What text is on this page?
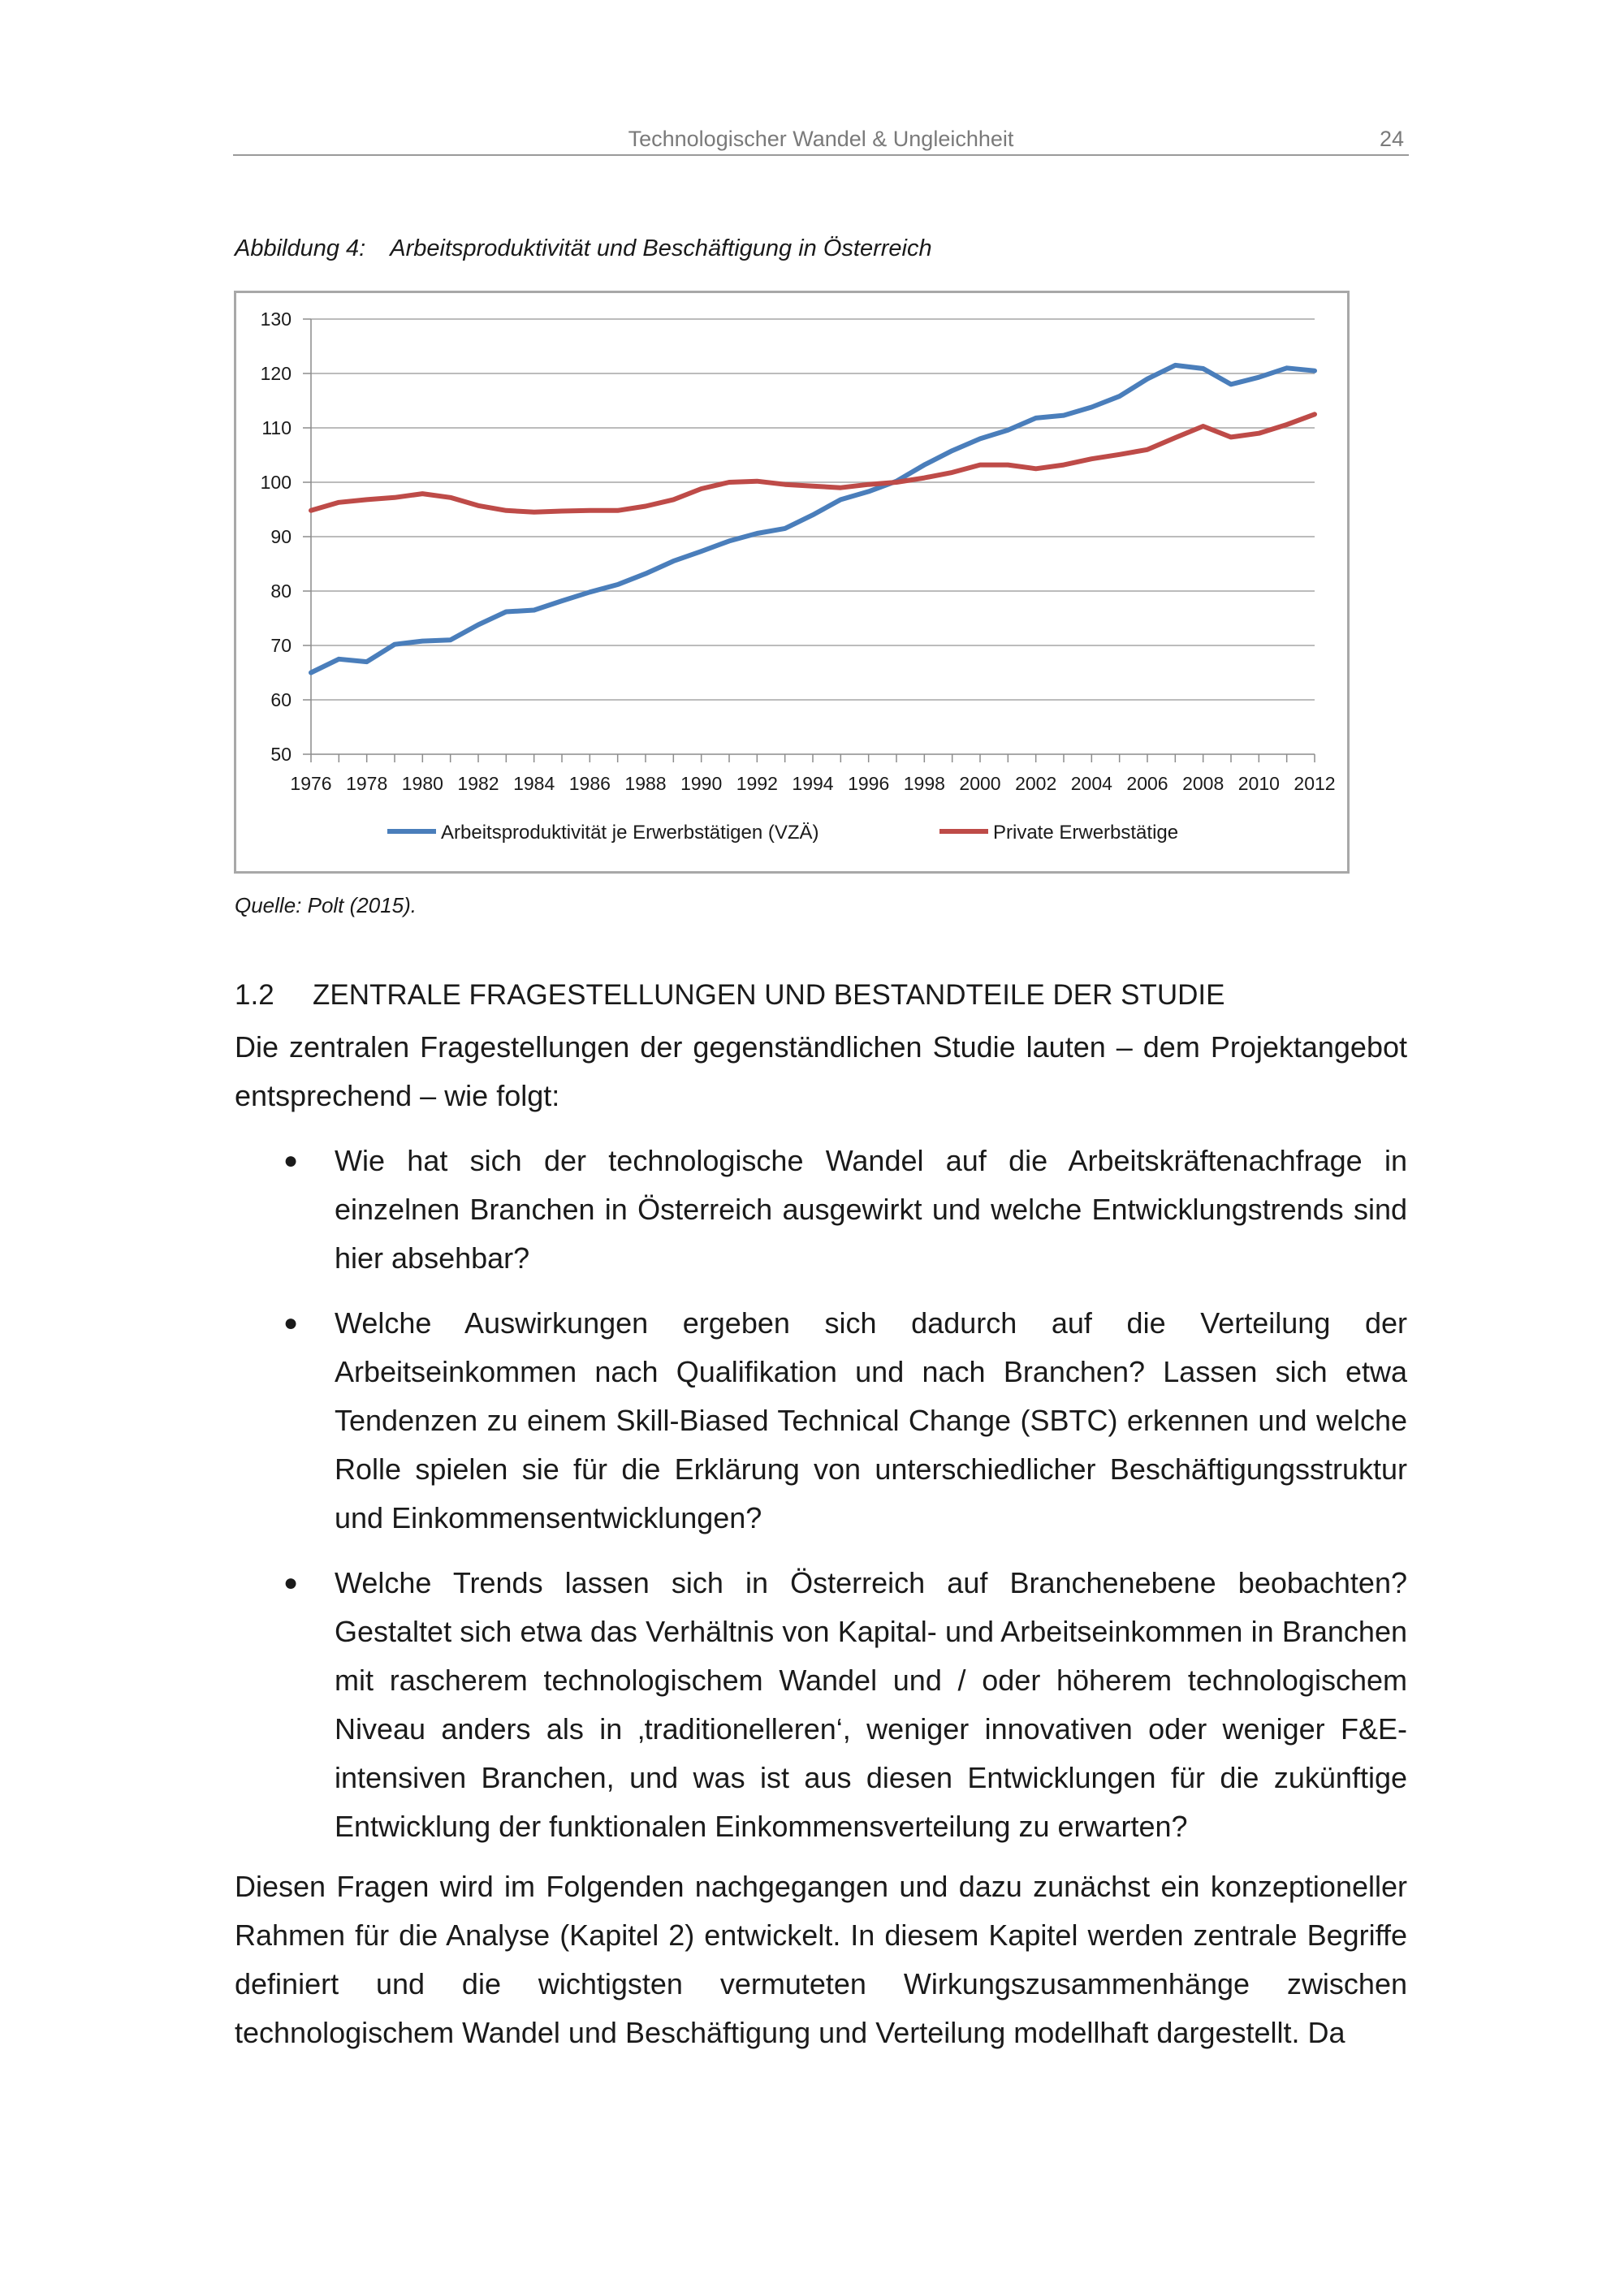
Technologischer Wandel & Ungleichheit	24
Abbildung 4: Arbeitsproduktivität und Beschäftigung in Österreich
50
60
70
80
90
100
110
120
130
1976 1978 1980 1982 1984 1986 1988 1990 1992 1994 1996 1998 2000 2002 2004 2006 2008 2010 2012
Arbeitsproduktivität je Erwerbstätigen (VZÄ)	Private Erwerbstätige
Quelle: Polt (2015).
1.2 ZENTRALE FRAGESTELLUNGEN UND BESTANDTEILE DER STUDIE
Die zentralen Fragestellungen der gegenständlichen Studie lauten – dem Projektangebot entsprechend – wie folgt:
● Wie hat sich der technologische Wandel auf die Arbeitskräftenachfrage in einzelnen Branchen in Österreich ausgewirkt und welche Entwicklungstrends sind hier absehbar?
● Welche Auswirkungen ergeben sich dadurch auf die Verteilung der Arbeitseinkommen nach Qualifikation und nach Branchen? Lassen sich etwa Tendenzen zu einem Skill-Biased Technical Change (SBTC) erkennen und welche Rolle spielen sie für die Erklärung von unterschiedlicher Beschäftigungsstruktur und Einkommensentwicklungen?
● Welche Trends lassen sich in Österreich auf Branchenebene beobachten? Gestaltet sich etwa das Verhältnis von Kapital- und Arbeitseinkommen in Branchen mit rascherem technologischem Wandel und / oder höherem technologischem Niveau anders als in ‚traditionelleren‘, weniger innovativen oder weniger F&E-intensiven Branchen, und was ist aus diesen Entwicklungen für die zukünftige Entwicklung der funktionalen Einkommensverteilung zu erwarten?
Diesen Fragen wird im Folgenden nachgegangen und dazu zunächst ein konzeptioneller Rahmen für die Analyse (Kapitel 2) entwickelt. In diesem Kapitel werden zentrale Begriffe definiert und die wichtigsten vermuteten Wirkungszusammenhänge zwischen technologischem Wandel und Beschäftigung und Verteilung modellhaft dargestellt. Da
